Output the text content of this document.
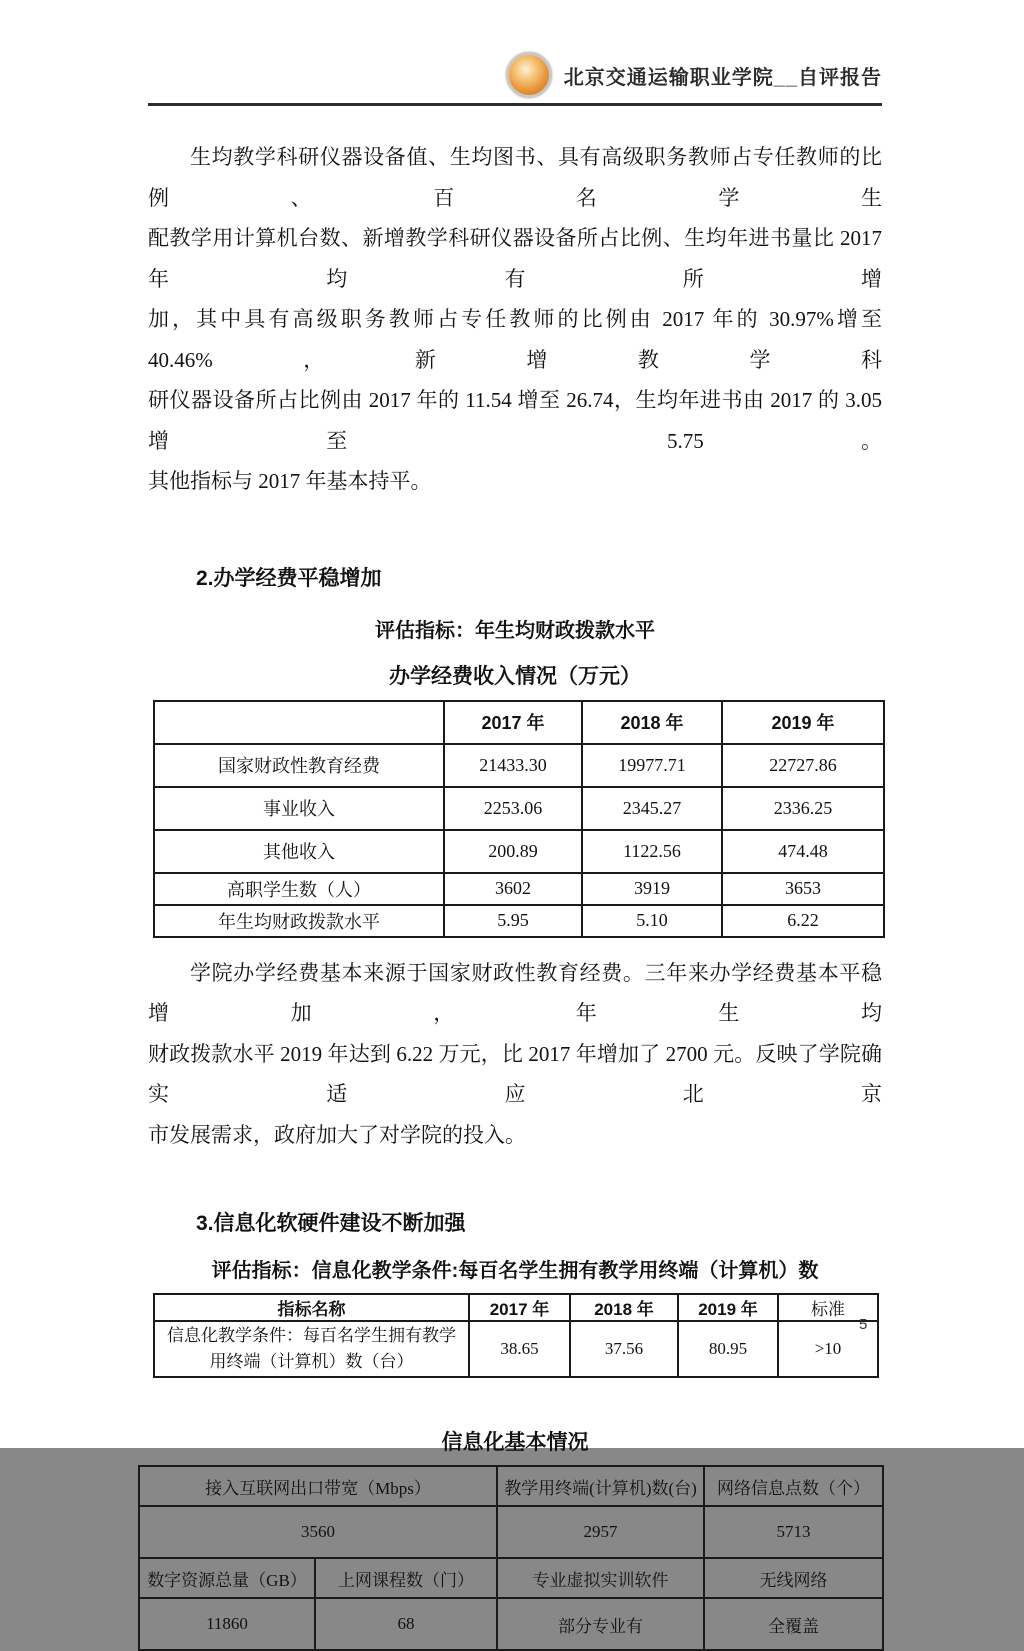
北京交通运输职业学院__自评报告
生均教学科研仪器设备值、生均图书、具有高级职务教师占专任教师的比例、百名学生
配教学用计算机台数、新增教学科研仪器设备所占比例、生均年进书量比 2017 年均有所增
加，其中具有高级职务教师占专任教师的比例由 2017 年的 30.97%增至 40.46%，新增教学科
研仪器设备所占比例由 2017 年的 11.54 增至 26.74，生均年进书由 2017 的 3.05 增至 5.75。
其他指标与 2017 年基本持平。
2.办学经费平稳增加
评估指标：年生均财政拨款水平
办学经费收入情况（万元）
	2017 年	2018 年	2019 年
国家财政性教育经费	21433.30	19977.71	22727.86
事业收入	2253.06	2345.27	2336.25
其他收入	200.89	1122.56	474.48
高职学生数（人）	3602	3919	3653
年生均财政拨款水平	5.95	5.10	6.22
学院办学经费基本来源于国家财政性教育经费。三年来办学经费基本平稳增加，年生均
财政拨款水平 2019 年达到 6.22 万元，比 2017 年增加了 2700 元。反映了学院确实适应北京
市发展需求，政府加大了对学院的投入。
3.信息化软硬件建设不断加强
评估指标：信息化教学条件:每百名学生拥有教学用终端（计算机）数
指标名称	2017 年	2018 年	2019 年	标准
信息化教学条件：每百名学生拥有教学用终端（计算机）数（台）	38.65	37.56	80.95	>10
信息化基本情况
接入互联网出口带宽（Mbps）		教学用终端(计算机)数(台)	网络信息点数（个）
3560		2957	5713
数字资源总量（GB）	上网课程数（门）	专业虚拟实训软件	无线网络
11860	68	部分专业有	全覆盖
5
